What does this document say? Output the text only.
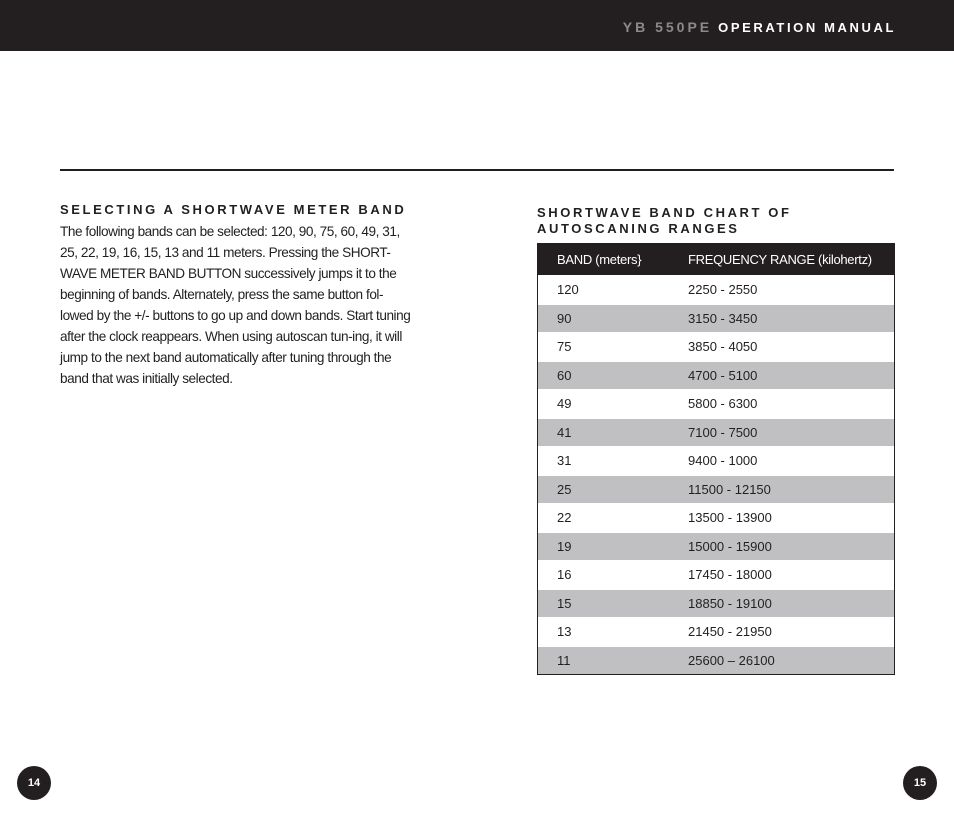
YB 550PE OPERATION MANUAL
SELECTING A SHORTWAVE METER BAND
The following bands can be selected: 120, 90, 75, 60, 49, 31, 25, 22, 19, 16, 15, 13 and 11 meters. Pressing the SHORT-WAVE METER BAND BUTTON successively jumps it to the beginning of bands. Alternately, press the same button fol-lowed by the +/- buttons to go up and down bands. Start tuning after the clock reappears. When using autoscan tun-ing, it will jump to the next band automatically after tuning through the band that was initially selected.
SHORTWAVE BAND CHART OF AUTOSCANING RANGES
BAND (meters}	FREQUENCY RANGE (kilohertz)
120	2250 - 2550
90	3150 - 3450
75	3850 - 4050
60	4700 - 5100
49	5800 - 6300
41	7100 - 7500
31	9400 - 1000
25	11500 - 12150
22	13500 - 13900
19	15000 - 15900
16	17450 - 18000
15	18850 - 19100
13	21450 - 21950
11	25600 – 26100
14	15
